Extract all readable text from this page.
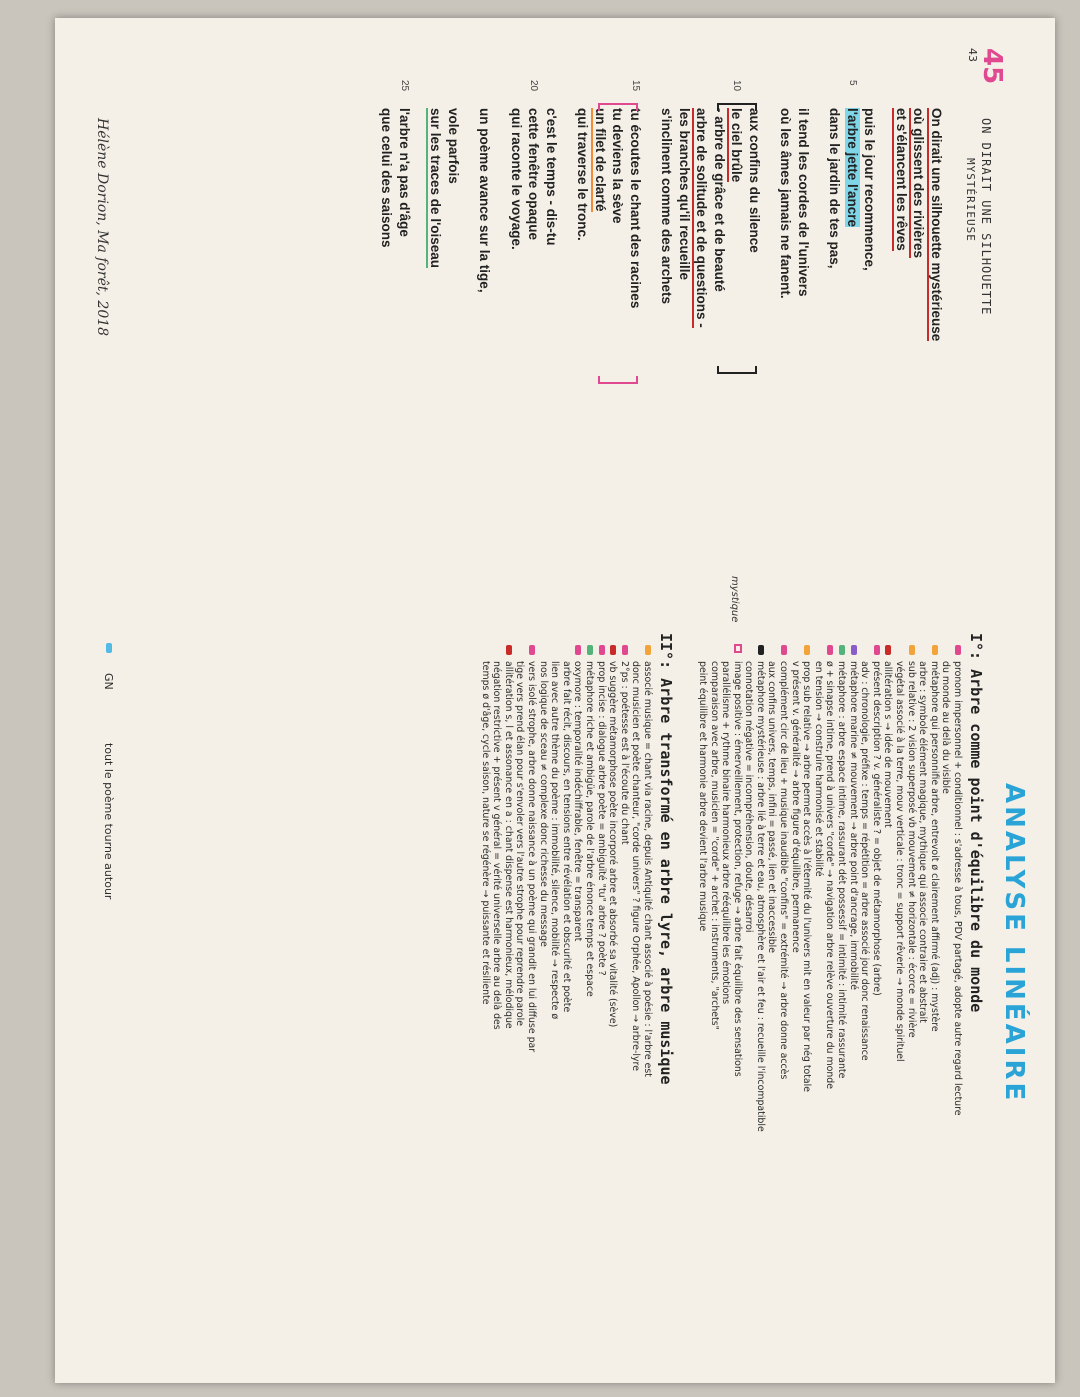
45
43
ON DIRAIT UNE SILHOUETTE
MYSTÉRIEUSE
On dirait une silhouette mystérieuse
où glissent des rivières
et s'élancent les rêves
puis le jour recommence,
5
l'arbre jette l'ancre
dans le jardin de tes pas,
il tend les cordes de l'univers
où les âmes jamais ne fanent.
aux confins du silence
10
le ciel brûle
- arbre de grâce et de beauté
arbre de solitude et de questions -
les branches qu'il recueille
s'inclinent comme des archets
15
tu écoutes le chant des racines
tu deviens la sève
un filet de clarté
qui traverse le tronc.
c'est le temps - dis-tu
20
cette fenêtre opaque
qui raconte le voyage.
un poème avance sur la tige,
vole parfois
sur les traces de l'oiseau
25
l'arbre n'a pas d'âge
que celui des saisons
mystique
Hélène Dorion, Ma forêt, 2018
ANALYSE LINÉAIRE
I°: Arbre comme point d'équilibre du monde
pronom impersonnel + conditionnel : s'adresse à tous, PDV partagé, adopte autre regard lecture
du monde au delà du visible
métaphore qui personnifie arbre, entrevoit ø clairement affirmé (adj) : mystère
arbre : symbole élément magique, mythique qui associe contraire et abstrait
sub relative : 2 vision superposé vb mouvement ≠ horizontale : écorce = rivière
végétal associé à la terre, mouv verticale : tronc = support rêverie → monde spirituel
allitération s → idée de mouvement
présent description ? v. généraliste ? = objet de métamorphose (arbre)
adv : chronologie, préfixe : temps = répétition = arbre associé jour donc renaissance
métaphore marine ≠ mouvement → arbre point d'ancrage, immobilité
métaphore : arbre espace intime, rassurant dét possessif = intimité : intimité rassurante
ø + sinapse intime, prend à univers "corde" → navigation arbre relève ouverture du monde
en tension → construire harmonisé et stabilité
prop sub relative → arbre permet accès à l'éternité du l'univers mit en valeur par nég totale
v présent v. généralité → arbre figure d'équilibre, permanence
complément circ de lieu + musique inaudible "confins" = extrémité → arbre donne accès
aux confins univers, temps, infini = passé, lien et inaccessible
métaphore mystérieuse : arbre lié à terre et eau, atmosphère et l'air et feu : recueille l'incompatible
connotation négative = incompréhension, doute, désarroi
image positive : émerveillement, protection, refuge → arbre fait équilibre des sensations
parallélisme + rythme binaire harmonieux arbre rééquilibre les émotions
comparaison avec arbre, musicien = "corde" + archet : instruments, "archets"
peint équilibre et harmonie arbre devient l'arbre musique
II°: Arbre transformé en arbre lyre, arbre musique
associé musique = chant via racine, depuis Antiquité chant associé à poésie : l'arbre est
donc musicien et poète chanteur, "corde univers" ? figure Orphée, Apollon → arbre-lyre
2°ps : poétesse est à l'écoute du chant
vb suggère métamorphose poète incorporé arbre et absorbé sa vitalité (sève)
prop incise : dialogue arbre poète = ambiguïté "tu" arbre ? poète ?
métaphore riche et ambigüe, parole de l'arbre énonce temps et espace
oxymore : temporalité indéchiffrable, fenêtre = transparent
arbre fait récit, discours, en tensions entre révélation et obscurité et poète
lien avec autre thème du poème : immobilité, silence, mobilité → respecte ø
nos logique de sceau ≠ complexe donc richesse du message
vers isolé strophe, arbre donne naissance à un poème qui grandit en lui diffuse par
tige vers prend élan pour s'envoler vers l'autre strophe pour reprendre parole
allitération s, l et assonance en a : chant dispense est harmonieux, mélodique
négation restrictive + présent v général = vérité universelle arbre au delà des
temps ø d'âge, cycle saison, nature se régénère → puissante et résiliente
GN
tout le poème tourne autour
